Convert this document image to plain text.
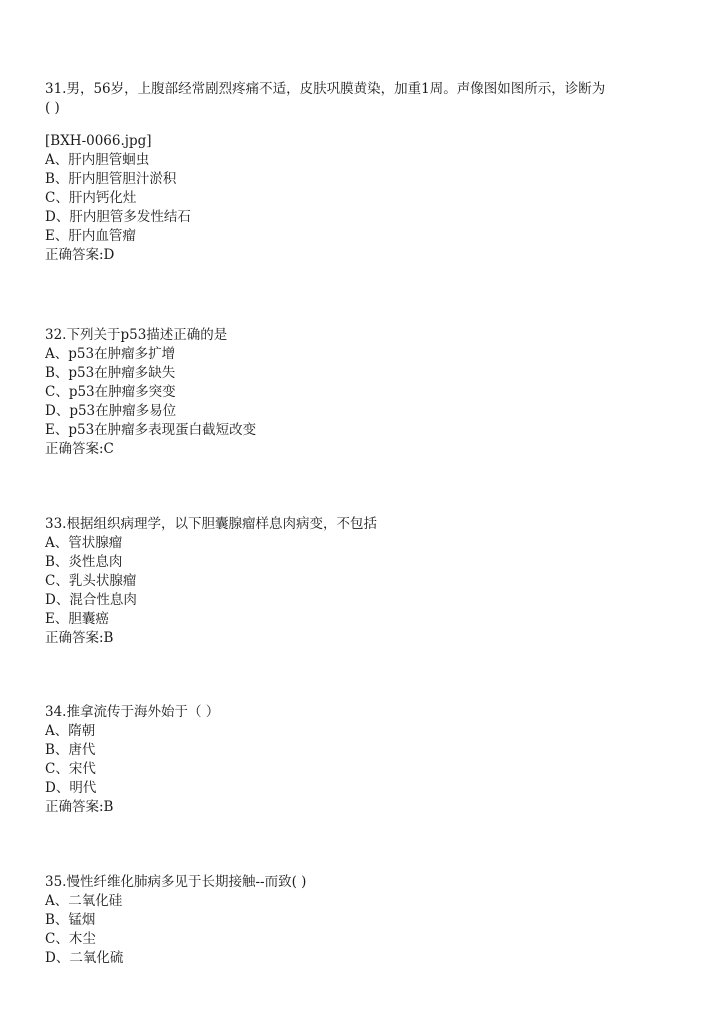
31.男，56岁，上腹部经常剧烈疼痛不适，皮肤巩膜黄染，加重1周。声像图如图所示，诊断为
( )
[BXH-0066.jpg]
A、肝内胆管蛔虫
B、肝内胆管胆汁淤积
C、肝内钙化灶
D、肝内胆管多发性结石
E、肝内血管瘤
正确答案:D
32.下列关于p53描述正确的是
A、p53在肿瘤多扩增
B、p53在肿瘤多缺失
C、p53在肿瘤多突变
D、p53在肿瘤多易位
E、p53在肿瘤多表现蛋白截短改变
正确答案:C
33.根据组织病理学，以下胆囊腺瘤样息肉病变，不包括
A、管状腺瘤
B、炎性息肉
C、乳头状腺瘤
D、混合性息肉
E、胆囊癌
正确答案:B
34.推拿流传于海外始于（ ）
A、隋朝
B、唐代
C、宋代
D、明代
正确答案:B
35.慢性纤维化肺病多见于长期接触--而致( )
A、二氧化硅
B、锰烟
C、木尘
D、二氧化硫
